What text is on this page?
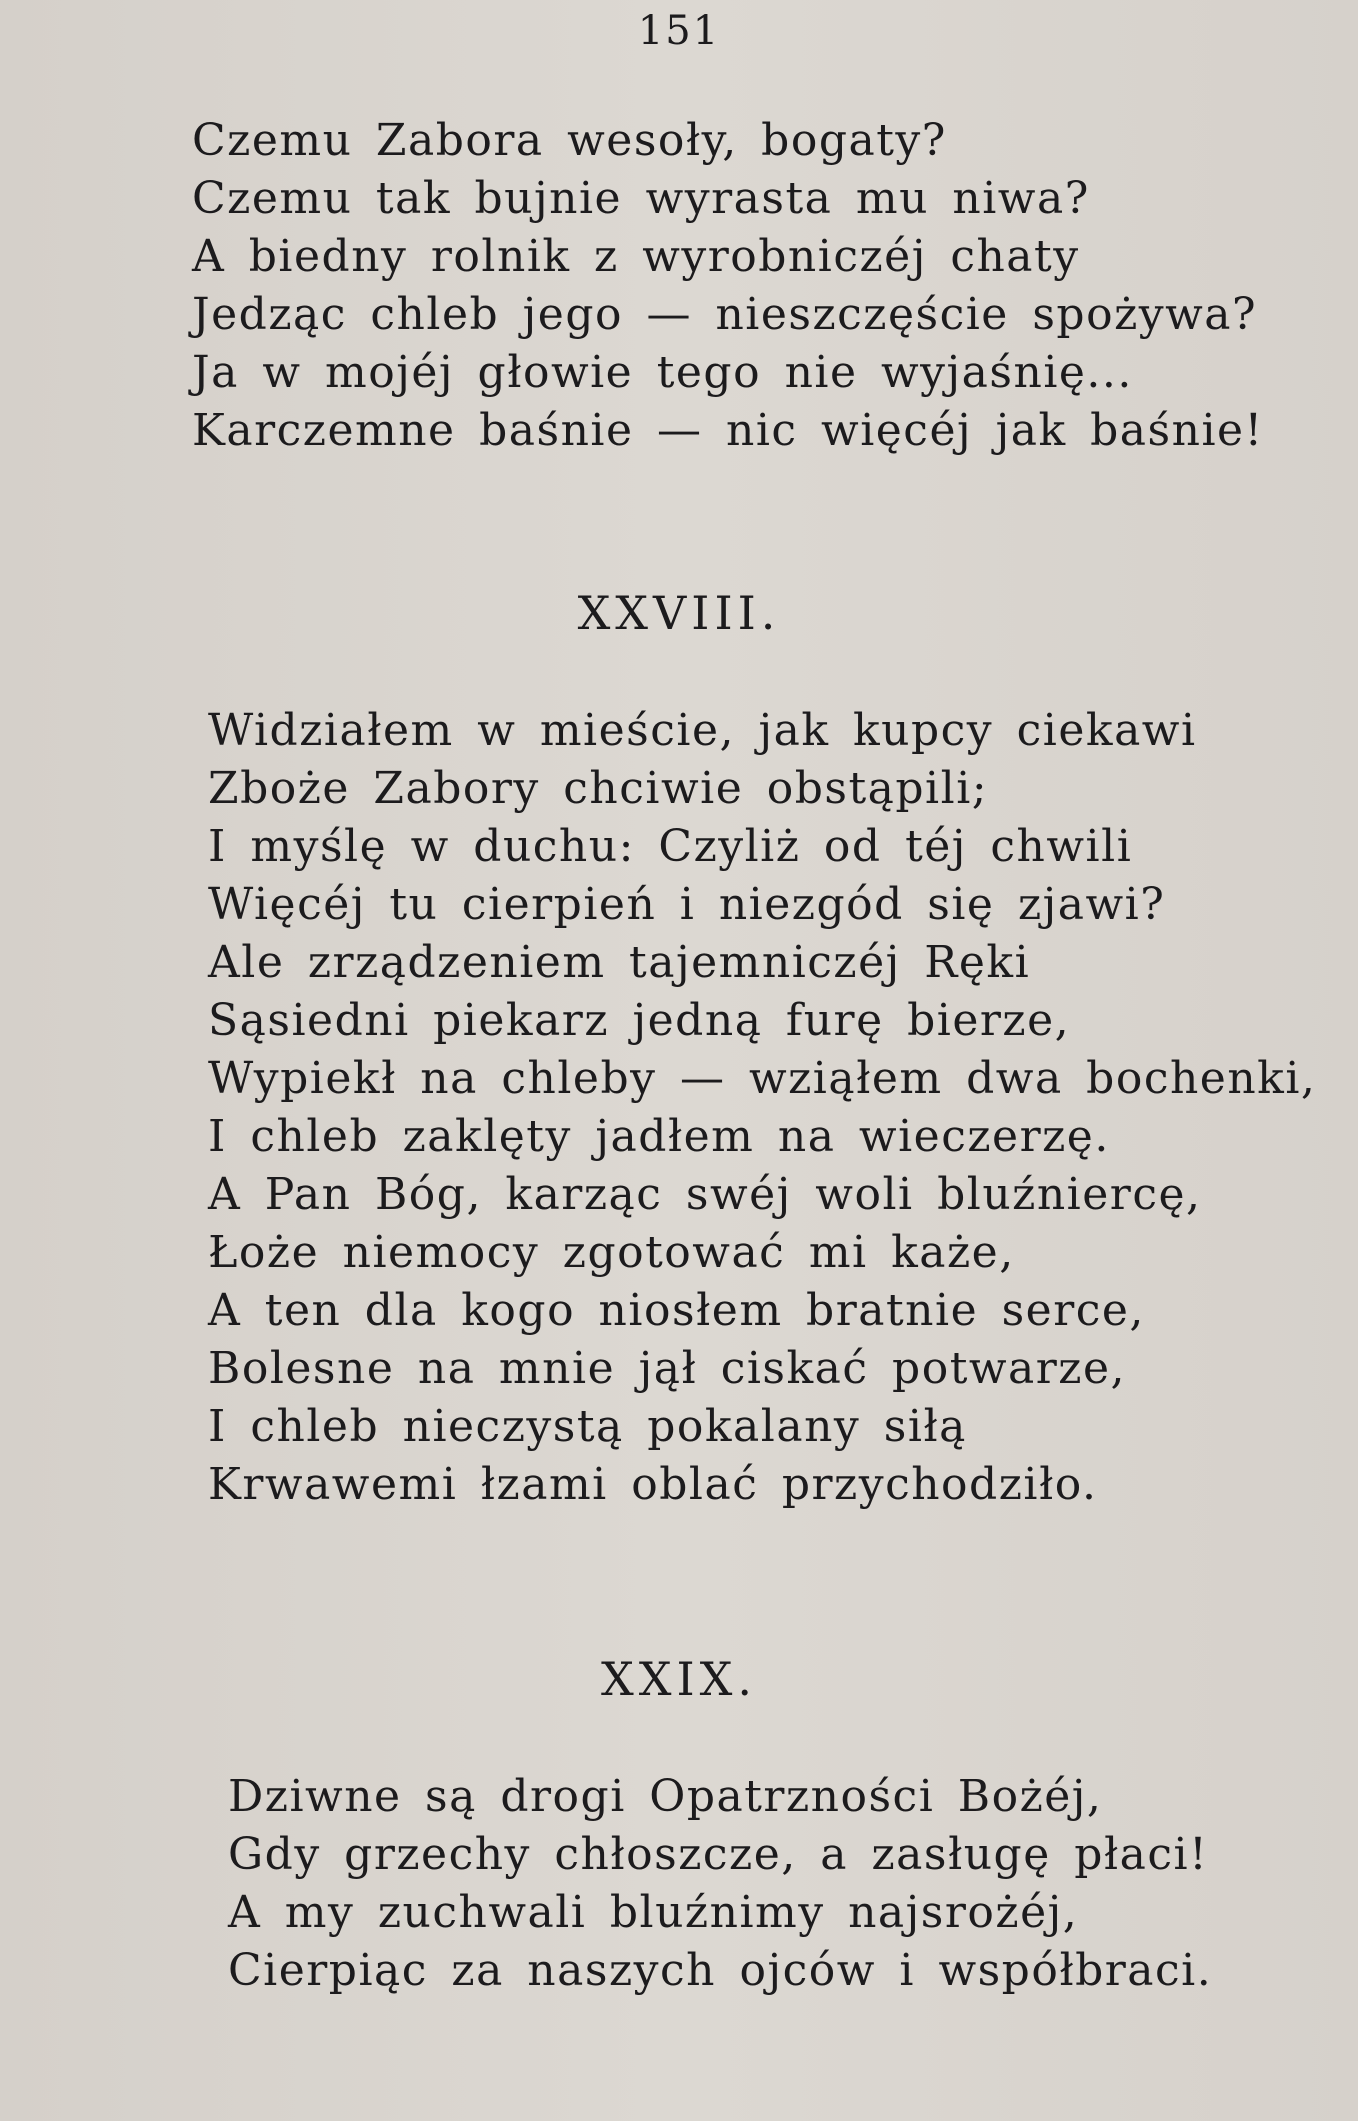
151
Czemu Zabora wesoły, bogaty?
Czemu tak bujnie wyrasta mu niwa?
A biedny rolnik z wyrobniczéj chaty
Jedząc chleb jego — nieszczęście spożywa?
Ja w mojéj głowie tego nie wyjaśnię...
Karczemne baśnie — nic więcéj jak baśnie!
XXVIII.
Widziałem w mieście, jak kupcy ciekawi
Zboże Zabory chciwie obstąpili;
I myślę w duchu: Czyliż od téj chwili
Więcéj tu cierpień i niezgód się zjawi?
Ale zrządzeniem tajemniczéj Ręki
Sąsiedni piekarz jedną furę bierze,
Wypiekł na chleby — wziąłem dwa bochenki,
I chleb zaklęty jadłem na wieczerzę.
A Pan Bóg, karząc swéj woli bluźniercę,
Łoże niemocy zgotować mi każe,
A ten dla kogo niosłem bratnie serce,
Bolesne na mnie jął ciskać potwarze,
I chleb nieczystą pokalany siłą
Krwawemi łzami oblać przychodziło.
XXIX.
Dziwne są drogi Opatrzności Bożéj,
Gdy grzechy chłoszcze, a zasługę płaci!
A my zuchwali bluźnimy najsrożéj,
Cierpiąc za naszych ojców i współbraci.
